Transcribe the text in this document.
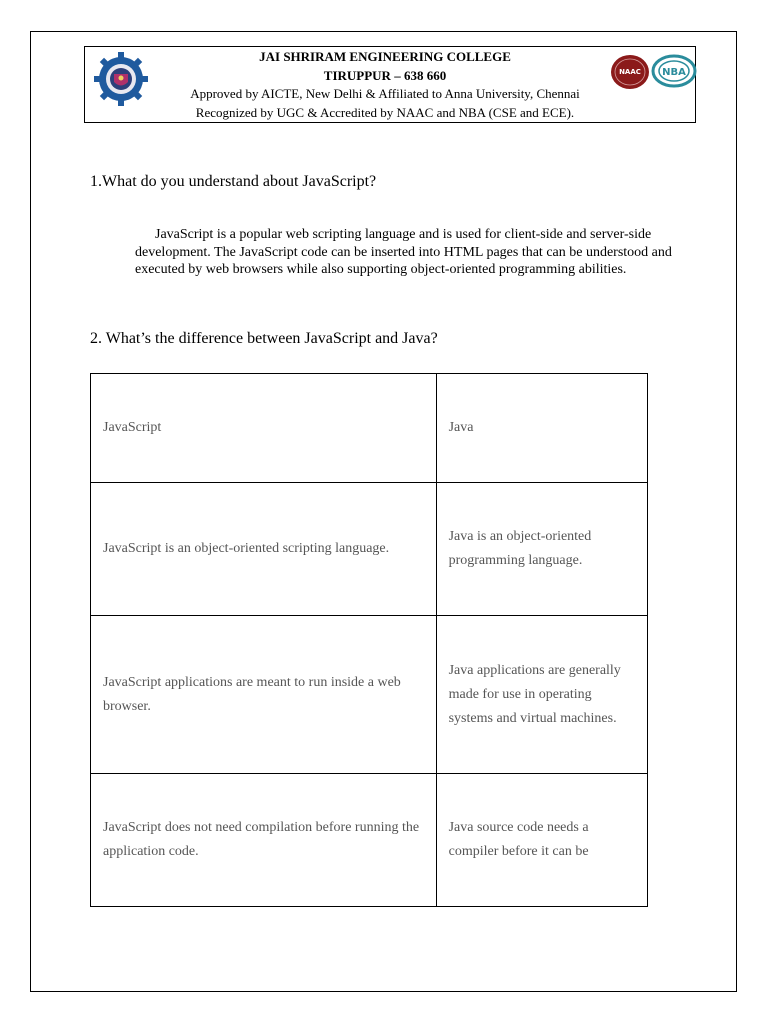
JAI SHRIRAM ENGINEERING COLLEGE
TIRUPPUR – 638 660
Approved by AICTE, New Delhi & Affiliated to Anna University, Chennai
Recognized by UGC & Accredited by NAAC and NBA (CSE and ECE).
NAAC NBA
1.What do you understand about JavaScript?
JavaScript is a popular web scripting language and is used for client-side and server-side development. The JavaScript code can be inserted into HTML pages that can be understood and executed by web browsers while also supporting object-oriented programming abilities.
2. What’s the difference between JavaScript and Java?
JavaScript	Java
JavaScript is an object-oriented scripting language.	Java is an object-oriented programming language.
JavaScript applications are meant to run inside a web browser.	Java applications are generally made for use in operating systems and virtual machines.
JavaScript does not need compilation before running the application code.	Java source code needs a compiler before it can be
